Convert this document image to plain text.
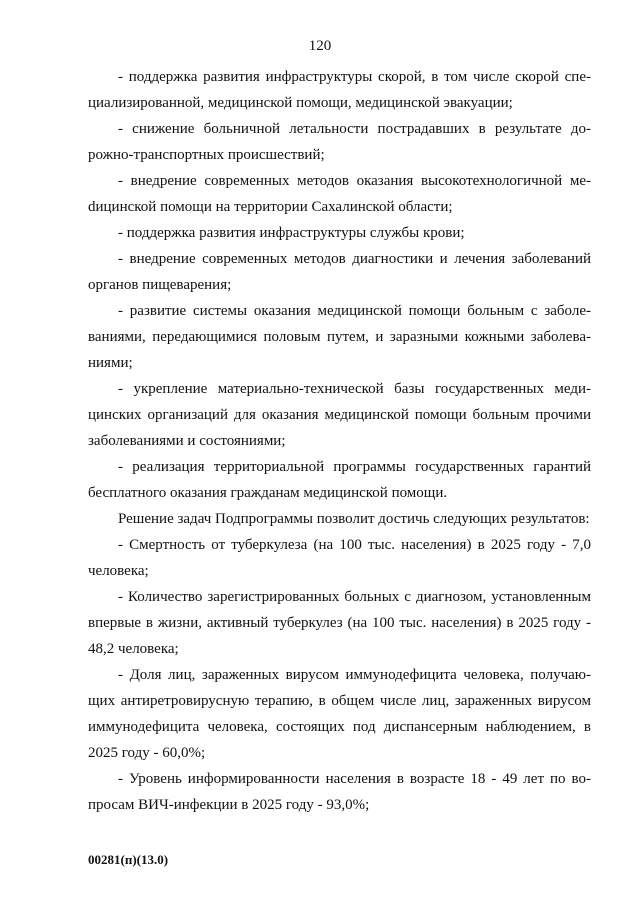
120

- поддержка развития инфраструктуры скорой, в том числе скорой специализированной, медицинской помощи, медицинской эвакуации;

- снижение больничной летальности пострадавших в результате дорожно-транспортных происшествий;

- внедрение современных методов оказания высокотехнологичной меdицинской помощи на территории Сахалинской области;

- поддержка развития инфраструктуры службы крови;

- внедрение современных методов диагностики и лечения заболеваний органов пищеварения;

- развитие системы оказания медицинской помощи больным с заболеваниями, передающимися половым путем, и заразными кожными заболеваниями;

- укрепление материально-технической базы государственных медицинских организаций для оказания медицинской помощи больным прочими заболеваниями и состояниями;

- реализация территориальной программы государственных гарантий бесплатного оказания гражданам медицинской помощи.

Решение задач Подпрограммы позволит достичь следующих результатов:

- Смертность от туберкулеза (на 100 тыс. населения) в 2025 году - 7,0 человека;

- Количество зарегистрированных больных с диагнозом, установленным впервые в жизни, активный туберкулез (на 100 тыс. населения) в 2025 году - 48,2 человека;

- Доля лиц, зараженных вирусом иммунодефицита человека, получающих антиретровирусную терапию, в общем числе лиц, зараженных вирусом иммунодефицита человека, состоящих под диспансерным наблюдением, в 2025 году - 60,0%;

- Уровень информированности населения в возрасте 18 - 49 лет по вопросам ВИЧ-инфекции в 2025 году - 93,0%;

00281(п)(13.0)
